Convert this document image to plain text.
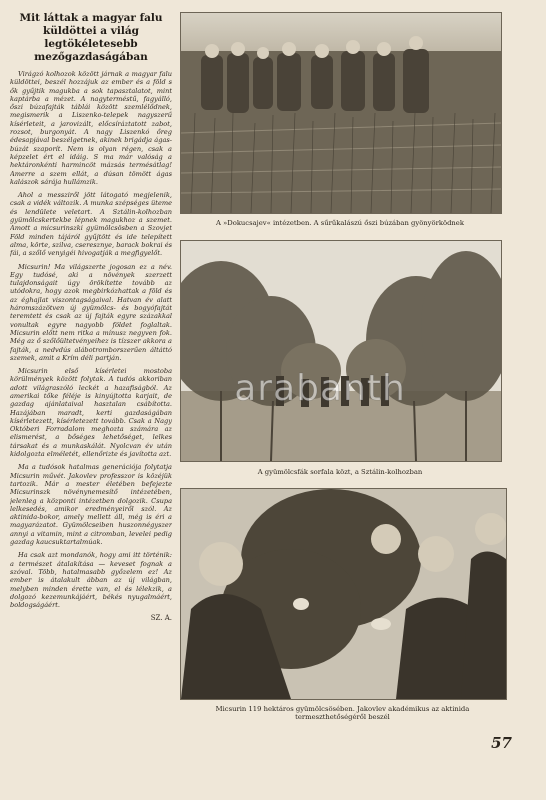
Mit láttak a magyar falu küldöttei a világ legtökéletesebb mezőgazdaságában

Virágzó kolhozok között járnak a magyar falu küldöttei, beszél hozzájuk az ember és a föld s ők gyűjtik magukba a sok tapasztalatot, mint kaptárba a mézet. A nagyterméstű, fagyálló, őszi búzafajták táblái között szemlélődnek, megismerik a Liszenko-telepek nagyszerű kísérleteit, a jarovizált, előcsíráztatott zabot, rozsot, burgonyát. A nagy Liszenkó őreg édesapjával beszélgetnek, akinek brigádja ágas-búzát szaporít. Nem is olyan régen, csak a képzelet ért el idáig. S ma már valóság a hektáronkénti harmincöt mázsás termésátlag! Amerre a szem ellát, a dúsan tömött ágas kalászok sárája hullámzik.

Ahol a messziről jött látogató megjelenik, csak a vidék változik. A munka szépséges üteme és lendülete veletart. A Sztálin-kolhozban gyümölcskertekbe lépnek magukhoz a szemet. Amott a micsurinszki gyümölcsösben a Szovjet Föld minden tájáról gyűjtött és ide telepített alma, körte, szilva, cseresznye, barack bokrai és fái, a szőlő venyigéi hivogatják a megfigyelőt.

Micsurin! Ma világszerte jogosan ez a név. Egy tudósé, aki a növények szerzett tulajdonságait úgy örökítette tovább az utódokra, hogy azok megbirkózhattak a föld és az éghajlat viszontagságaival. Hatvan év alatt háromszázötven új gyümölcs- és bogyófajtát teremtett és csak az új fajták egyre százakkal vonultak egyre nagyobb földet foglaltak. Micsurin előtt nem ritka a mínusz negyven fok. Még az ő szőlőültetvényeihez is tízszer akkora a fajták, a nedvdús alábotromborszerűen áltáttó szemek, amit a Krím déli partján.

Micsurin első kísérletei mostoba körülmények között folytak. A tudós akkoriban adott világraszóló leckét a hazafiságból. Az amerikai tőke féléje is kinyújtotta karjait, de gazdag ajánlataival hasztalan csábította. Hazájában maradt, kerti gazdaságában kísérletezett, kísérletezett tovább. Csak a Nagy Októberi Forradalom meghozta számára az elismerést, a bőséges lehetőséget, lelkes társakat és a munkaskálát. Nyolcvan év után kidolgozta elméletét, ellenőrizte és javította azt.

Ma a tudósok hatalmas generációja folytatja Micsurin művét. Jakovlev professzor is közéjük tartozik. Már a mester életében befejezte Micsurinszk növénynemesítő intézetében, jelenleg a központi intézetben dolgozik. Csupa lelkesedés, amikor eredményeiről szól. Az aktinida-bokor, amely mellett áll, még is éri a magyarázatot. Gyümölcseiben huszonnégyszer annyi a vitamin, mint a citromban, levelei pedig gazdag kaucsuktartalmúak.

Ha csak azt mondanók, hogy ami itt történik: a természet átalakítása — keveset fognak a szóval. Több, hatalmasabb győzelem ez! Az ember is átalakult ábban az új világban, melyben minden érette van, el és lélekzik, a dolgozó kezemunkájáért, békés nyugalmáért, boldogságáért.

SZ. A.
A »Dokucsajev« intézetben. A sűrűkalászú őszi búzában gyönyörködnek
A gyümölcsfák sorfala közt, a Sztálin-kolhozban
Micsurin 119 hektáros gyümölcsösében. Jakovlev akadémikus az aktinida termeszthetőségéről beszél
57
arabanth
